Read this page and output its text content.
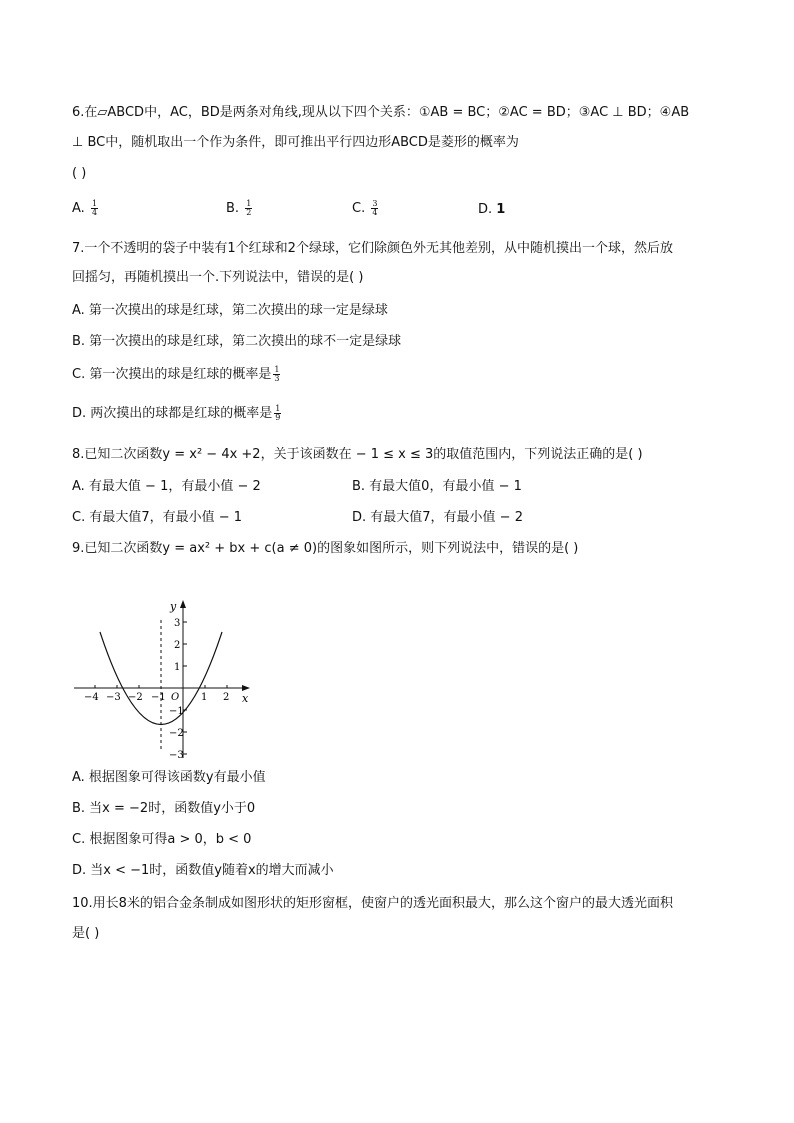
6.在▱ABCD中，AC，BD是两条对角线,现从以下四个关系：①AB = BC；②AC = BD；③AC ⊥ BD；④AB
⊥ BC中，随机取出一个作为条件，即可推出平行四边形ABCD是菱形的概率为
( )
A. $\frac{1}{4}$	B. $\frac{1}{2}$	C. $\frac{3}{4}$	D. 1
7.一个不透明的袋子中装有1个红球和2个绿球，它们除颜色外无其他差别，从中随机摸出一个球，然后放
回摇匀，再随机摸出一个.下列说法中，错误的是( )
A. 第一次摸出的球是红球，第二次摸出的球一定是绿球
B. 第一次摸出的球是红球，第二次摸出的球不一定是绿球
C. 第一次摸出的球是红球的概率是 $\frac{1}{3}$
D. 两次摸出的球都是红球的概率是 $\frac{1}{9}$
8.已知二次函数y = x² − 4x +2，关于该函数在 − 1 ≤ x ≤ 3的取值范围内，下列说法正确的是( )
A. 有最大值 − 1，有最小值 − 2	B. 有最大值0，有最小值 − 1
C. 有最大值7，有最小值 − 1	D. 有最大值7，有最小值 − 2
9.已知二次函数y = ax² + bx + c(a ≠ 0)的图象如图所示，则下列说法中，错误的是( )
y
x
O
−4 −3 −2 −1	1 2
3
2
1
−1
−2
−3
A. 根据图象可得该函数y有最小值
B. 当x = −2时，函数值y小于0
C. 根据图象可得a > 0，b < 0
D. 当x < −1时，函数值y随着x的增大而减小
10.用长8米的铝合金条制成如图形状的矩形窗框，使窗户的透光面积最大，那么这个窗户的最大透光面积
是( )
